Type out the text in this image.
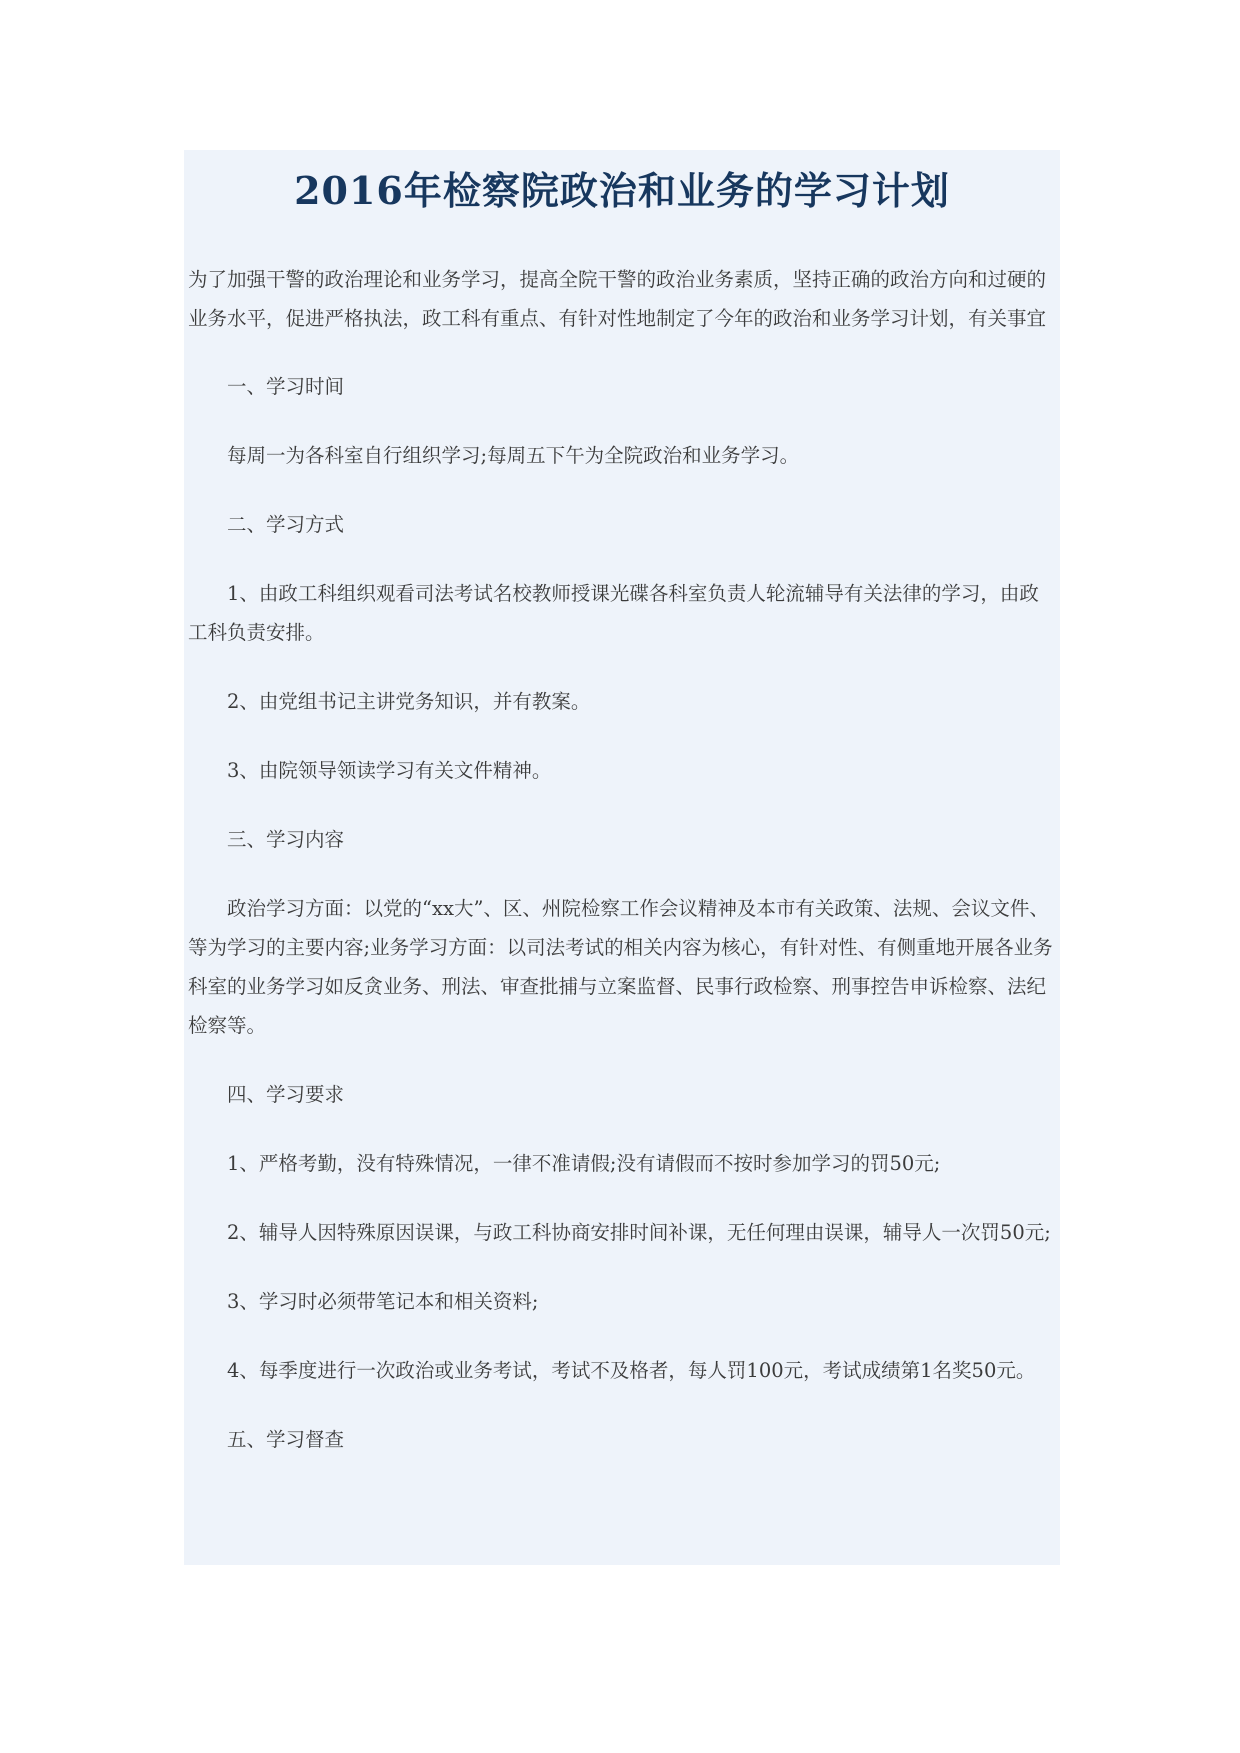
2016年检察院政治和业务的学习计划

为了加强干警的政治理论和业务学习，提高全院干警的政治业务素质，坚持正确的政治方向和过硬的业务水平，促进严格执法，政工科有重点、有针对性地制定了今年的政治和业务学习计划，有关事宜

一、学习时间

每周一为各科室自行组织学习;每周五下午为全院政治和业务学习。

二、学习方式

1、由政工科组织观看司法考试名校教师授课光碟各科室负责人轮流辅导有关法律的学习，由政工科负责安排。

2、由党组书记主讲党务知识，并有教案。

3、由院领导领读学习有关文件精神。

三、学习内容

政治学习方面：以党的“xx大”、区、州院检察工作会议精神及本市有关政策、法规、会议文件、等为学习的主要内容;业务学习方面：以司法考试的相关内容为核心，有针对性、有侧重地开展各业务科室的业务学习如反贪业务、刑法、审查批捕与立案监督、民事行政检察、刑事控告申诉检察、法纪检察等。

四、学习要求

1、严格考勤，没有特殊情况，一律不准请假;没有请假而不按时参加学习的罚50元;

2、辅导人因特殊原因误课，与政工科协商安排时间补课，无任何理由误课，辅导人一次罚50元;

3、学习时必须带笔记本和相关资料;

4、每季度进行一次政治或业务考试，考试不及格者，每人罚100元，考试成绩第1名奖50元。

五、学习督查
